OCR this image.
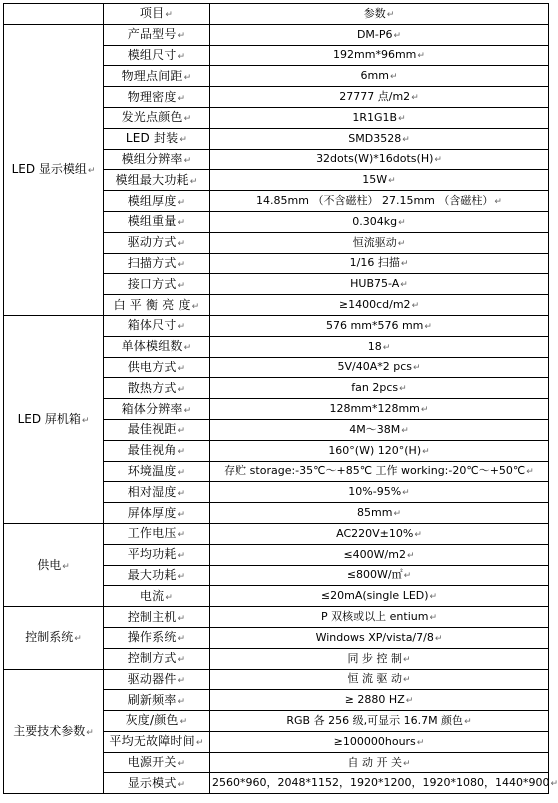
	项目↵	参数↵
LED 显示模组↵	产品型号↵	DM-P6↵
	模组尺寸↵	192mm*96mm↵
	物理点间距↵	6mm↵
	物理密度↵	27777 点/m2↵
	发光点颜色↵	1R1G1B↵
	LED 封装↵	SMD3528↵
	模组分辨率↵	32dots(W)*16dots(H)↵
	模组最大功耗↵	15W↵
	模组厚度↵	14.85mm （不含磁柱） 27.15mm （含磁柱）↵
	模组重量↵	0.304kg↵
	驱动方式↵	恒流驱动↵
	扫描方式↵	1/16 扫描↵
	接口方式↵	HUB75-A↵
	白 平 衡 亮 度↵	≥1400cd/m2↵
LED 屏机箱↵	箱体尺寸↵	576 mm*576 mm↵
	单体模组数↵	18↵
	供电方式↵	5V/40A*2 pcs↵
	散热方式↵	fan 2pcs↵
	箱体分辨率↵	128mm*128mm↵
	最佳视距↵	4M～38M↵
	最佳视角↵	160°(W) 120°(H)↵
	环境温度↵	存贮 storage:-35℃～+85℃ 工作 working:-20℃～+50℃↵
	相对湿度↵	10%-95%↵
	屏体厚度↵	85mm↵
供电↵	工作电压↵	AC220V±10%↵
	平均功耗↵	≤400W/m2↵
	最大功耗↵	≤800W/㎡↵
	电流↵	≤20mA(single LED)↵
控制系统↵	控制主机↵	P 双核或以上 entium↵
	操作系统↵	Windows XP/vista/7/8↵
	控制方式↵	同 步 控 制↵
主要技术参数↵	驱动器件↵	恒 流 驱 动↵
	刷新频率↵	≥ 2880 HZ↵
	灰度/颜色↵	RGB 各 256 级,可显示 16.7M 颜色↵
	平均无故障时间↵	≥100000hours↵
	电源开关↵	自 动 开 关↵
	显示模式↵	2560*960，2048*1152，1920*1200，1920*1080，1440*900↵
